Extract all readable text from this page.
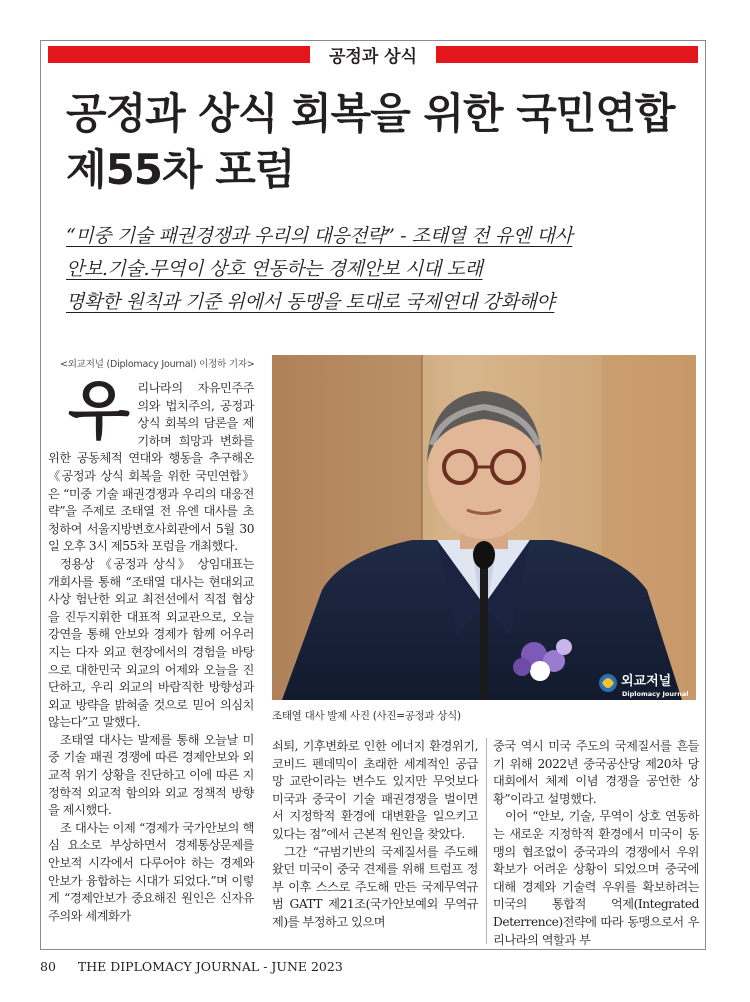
공정과 상식
공정과 상식 회복을 위한 국민연합
제55차 포럼
“미중 기술 패권경쟁과 우리의 대응전략” - 조태열 전 유엔 대사
안보.기술.무역이 상호 연동하는 경제안보 시대 도래
명확한 원칙과 기준 위에서 동맹을 토대로 국제연대 강화해야
<외교저널 (Diplomacy Journal) 이정하 기자>
우 리나라의 자유민주주의와 법치주의, 공정과 상식 회복의 담론을 제기하며 희망과 변화를 위한 공동체적 연대와 행동을 추구해온 《공정과 상식 회복을 위한 국민연합》은 “미중 기술 패권경쟁과 우리의 대응전략”을 주제로 조태열 전 유엔 대사를 초청하여 서울지방변호사회관에서 5월 30일 오후 3시 제55차 포럼을 개최했다.

정용상 《공정과 상식》 상임대표는 개회사를 통해 “조태열 대사는 현대외교 사상 험난한 외교 최전선에서 직접 협상을 진두지휘한 대표적 외교관으로, 오늘 강연을 통해 안보와 경제가 함께 어우러지는 다자 외교 현장에서의 경험을 바탕으로 대한민국 외교의 어제와 오늘을 진단하고, 우리 외교의 바람직한 방향성과 외교 방략을 밝혀줄 것으로 믿어 의심치 않는다”고 말했다.

조태열 대사는 발제를 통해 오늘날 미중 기술 패권 경쟁에 따른 경제안보와 외교적 위기 상황을 진단하고 이에 따른 지정학적 외교적 함의와 외교 정책적 방향을 제시했다.

조 대사는 이제 “경제가 국가안보의 핵심 요소로 부상하면서 경제통상문제를 안보적 시각에서 다루어야 하는 경제와 안보가 융합하는 시대가 되었다.”며 이렇게 “경제안보가 중요해진 원인은 신자유주의와 세계화가

외교저널
Diplomacy Journal
조태열 대사 발제 사진 (사진=공정과 상식)

쇠퇴, 기후변화로 인한 에너지 환경위기, 코비드 펜데믹이 초래한 세계적인 공급망 교란이라는 변수도 있지만 무엇보다 미국과 중국이 기술 패권경쟁을 벌이면서 지정학적 환경에 대변환을 일으키고 있다는 점”에서 근본적 원인을 찾았다.

그간 “규범기반의 국제질서를 주도해왔던 미국이 중국 견제를 위해 트럼프 정부 이후 스스로 주도해 만든 국제무역규범 GATT 제21조(국가안보예외 무역규제)를 부정하고 있으며

중국 역시 미국 주도의 국제질서를 흔들기 위해 2022년 중국공산당 제20차 당대회에서 체제 이념 경쟁을 공언한 상황”이라고 설명했다.

이어 “안보, 기술, 무역이 상호 연동하는 새로운 지정학적 환경에서 미국이 동맹의 협조없이 중국과의 경쟁에서 우위확보가 어려운 상황이 되었으며 중국에 대해 경제와 기술력 우위를 확보하려는 미국의 통합적 억제(Integrated Deterrence)전략에 따라 동맹으로서 우리나라의 역할과 부

80 THE DIPLOMACY JOURNAL - JUNE 2023
